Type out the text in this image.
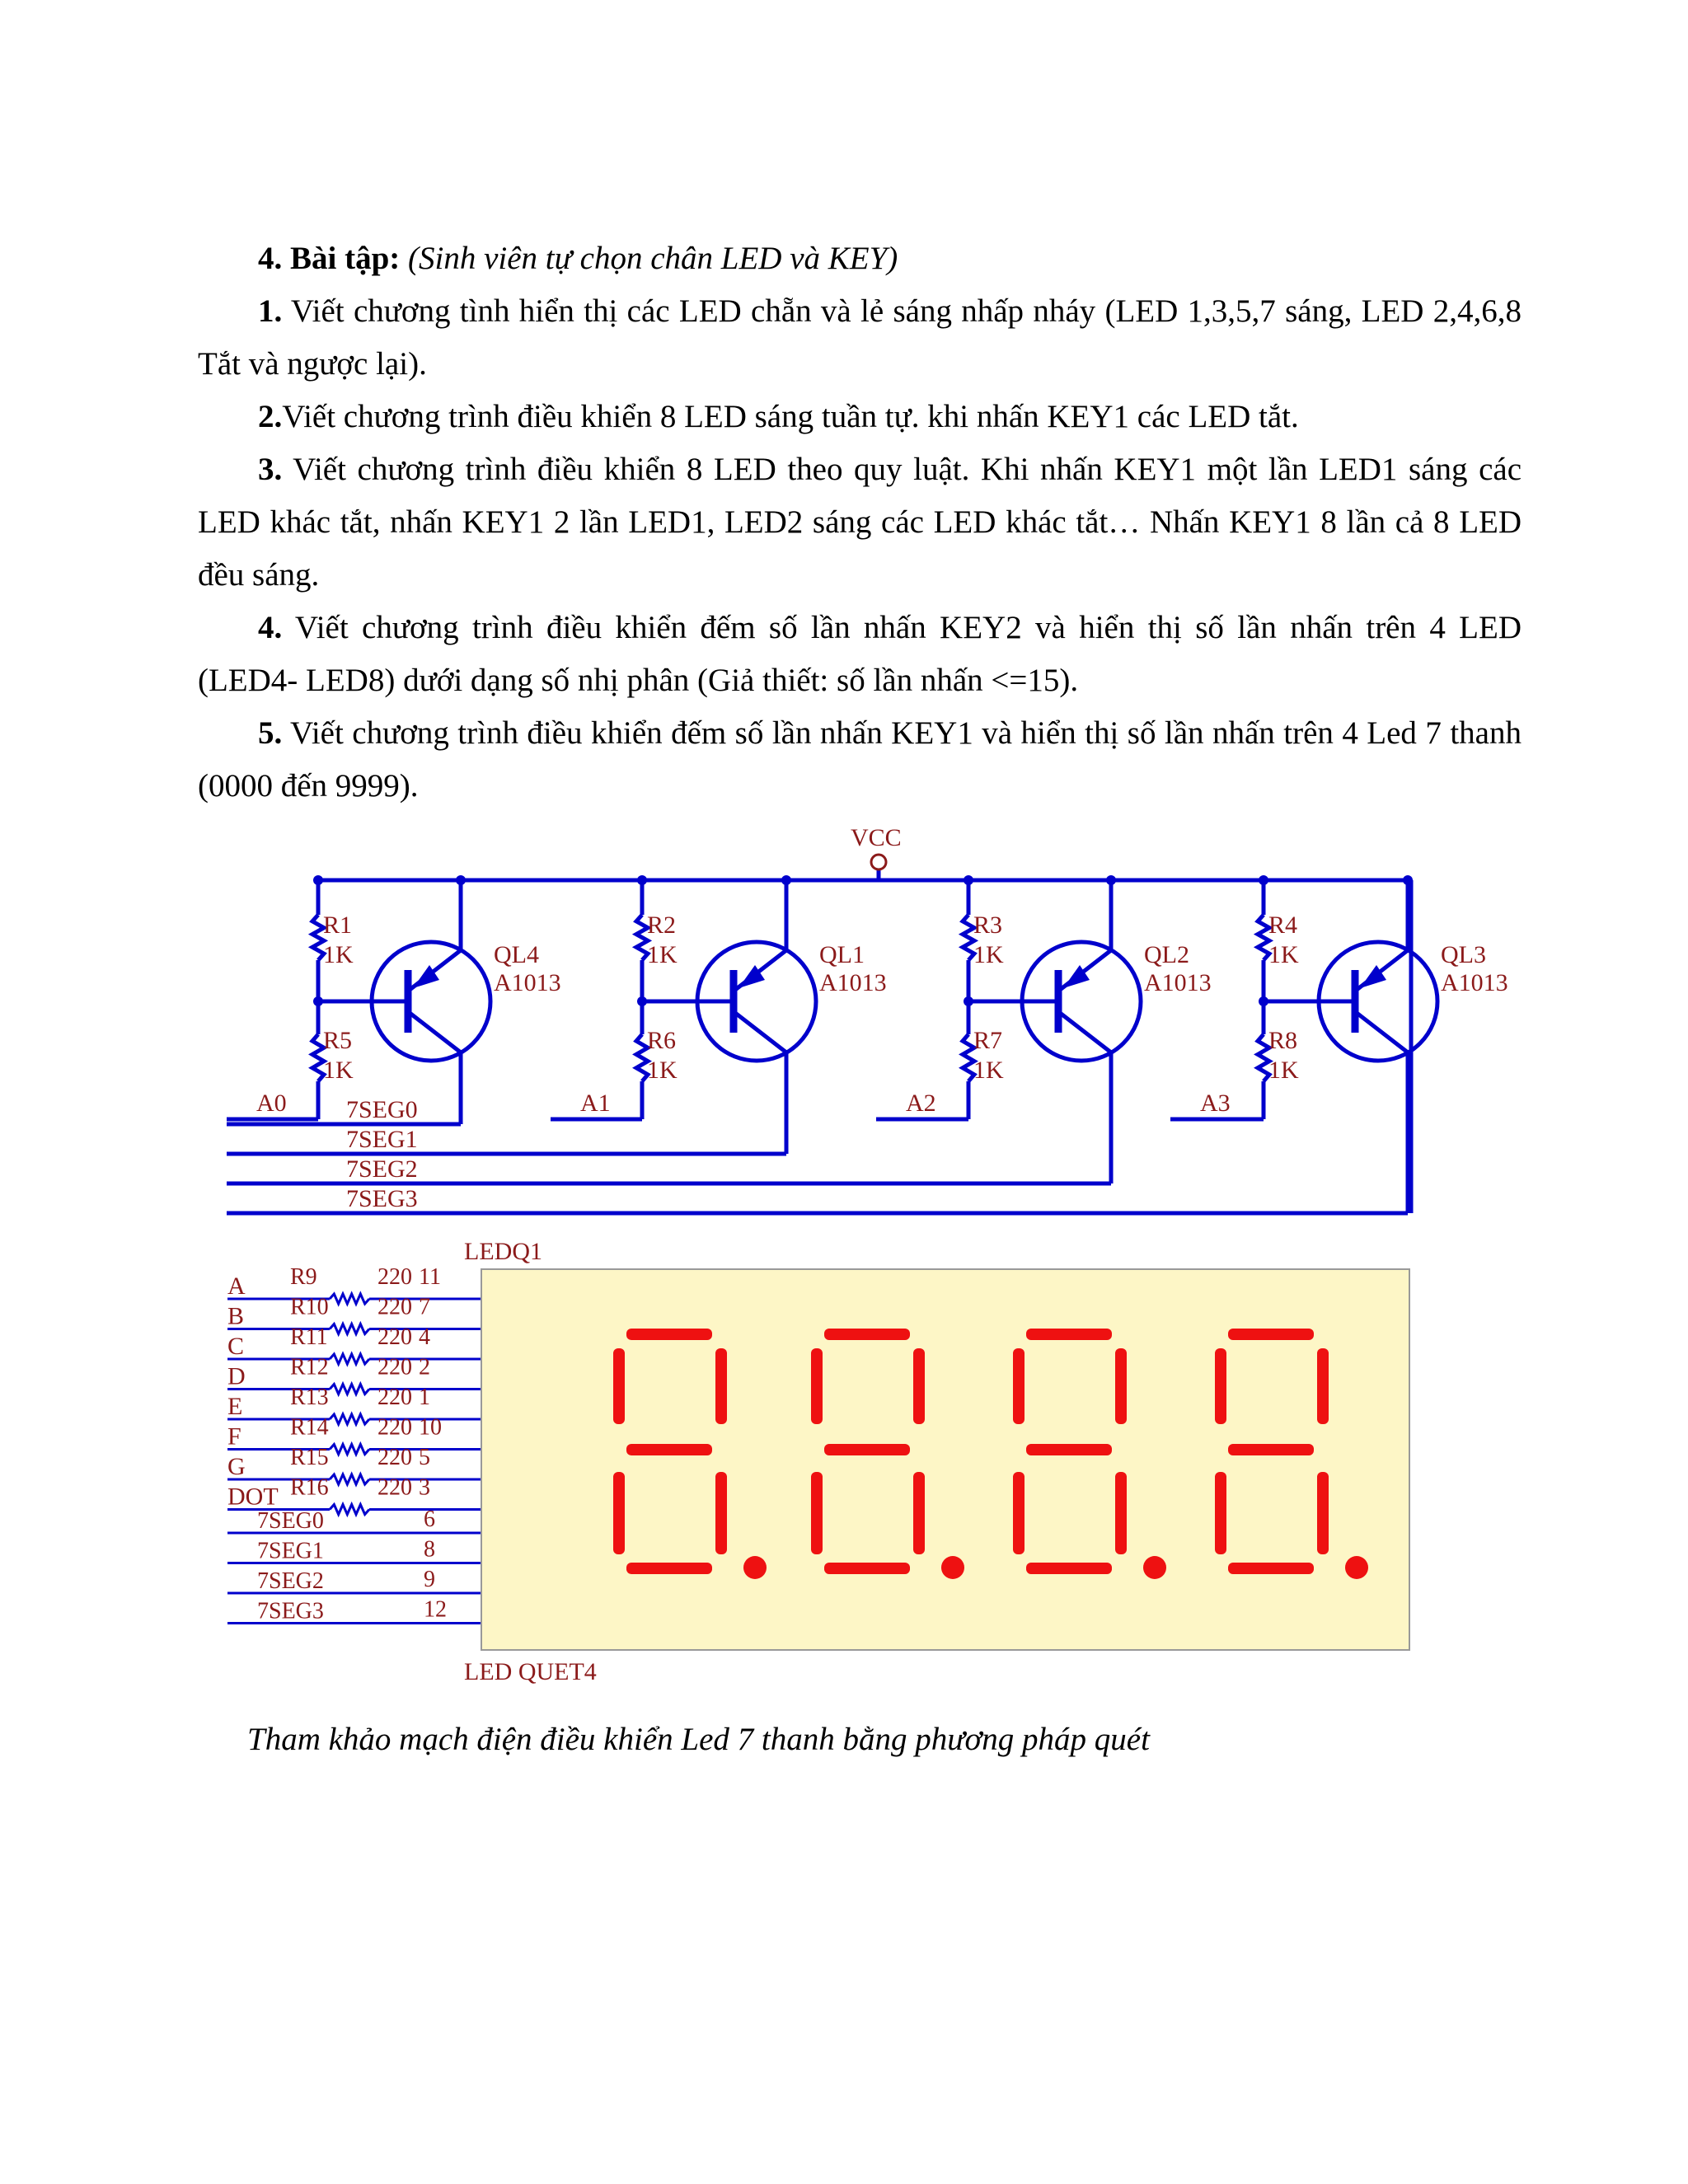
4. Bài tập: (Sinh viên tự chọn chân LED và KEY)

1. Viết chương tình hiển thị các LED chẵn và lẻ sáng nhấp nháy (LED 1,3,5,7 sáng, LED 2,4,6,8 Tắt và ngược lại).

2.Viết chương trình điều khiển 8 LED sáng tuần tự. khi nhấn KEY1 các LED tắt.

3. Viết chương trình điều khiển 8 LED theo quy luật. Khi nhấn KEY1 một lần LED1 sáng các LED khác tắt, nhấn KEY1 2 lần LED1, LED2 sáng các LED khác tắt… Nhấn KEY1 8 lần cả 8 LED đều sáng.

4. Viết chương trình điều khiển đếm số lần nhấn KEY2 và hiển thị số lần nhấn trên 4 LED (LED4- LED8) dưới dạng số nhị phân (Giả thiết: số lần nhấn <=15).

5. Viết chương trình điều khiển đếm số lần nhấn KEY1 và hiển thị số lần nhấn trên 4 Led 7 thanh (0000 đến 9999).

VCC
R1
1K
R5
1K
QL4
A1013
A0
R2
1K
R6
1K
QL1
A1013
A1
R3
1K
R7
1K
QL2
A1013
A2
R4
1K
R8
1K
QL3
A1013
A3
7SEG0
7SEG1
7SEG2
7SEG3
LEDQ1
LED QUET4
A R9	220 11
B R10 220 7
C R11 220 4
D R12 220 2
E R13 220 1
F R14 220 10
G R15 220 5
DOT R16 220 3
7SEG0	6
7SEG1	8
7SEG2	9
7SEG3	12
Tham khảo mạch điện điều khiển Led 7 thanh bằng phương pháp quét
